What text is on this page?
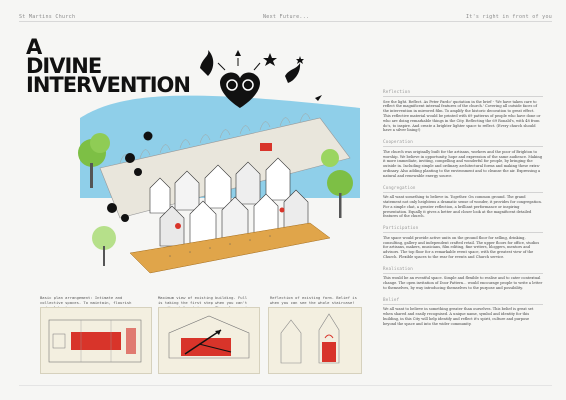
St Martins Church	Next Future...	It's right in front of you
A
DIVINE
INTERVENTION	Reflection
See the light. Reflect. As Peter Pardo' quotation in the brief - 'We have taken care to reflect the magnificent internal features of the church.' Covering all outside faces of the intervention in mirrored film. To amplify the historic decoration to great effect. This reflective material would be printed with 69 patterns of people who have done or who are doing remarkable things in the City. Reflecting the 69 Ronald's, with 48 from do's, to inspire. And create a brighter lighter space to reflect. (Every church should have a silver lining!)
Cooperation
The church was originally built for the artisans, workers and the poor of Brighton to worship. We believe in opportunity, hope and expression of the same audience. Making it more immediate, inviting, compelling and wonderful for people, by bringing the outside in. Including simple and ordinary architectural forms and making these extra-ordinary. Also adding planting to the environment and to cleanse the air. Expressing a natural and renewable energy source.
Congregation
We all want something to believe in. Together. On common ground. The grand statement not only heightens a dramatic sense of wonder, it provides for congregation. For a simple chat, a greater reflection, a brilliant performance or inspiring presentation. Equally it gives a better and closer look at the magnificent detailed features of the church.
Participation
The space would provide active units on the ground floor for selling, drinking, consulting, gallery and independent crafted retail. The upper floors for office, studios for artisans, makers, musicians, film editing, fine writers, bloggers, mentors and advisors. The top floor for a remarkable event space, with the greatest view of the Church. Flexible spaces to the rear for events and Church service.
Realisation
This would be an eventful space. Simple and flexible to realise and to cater contextual change. The open invitation of Door Pattern... would encourage people to write a letter to themselves, by way introducing themselves to the purpose and possibility.
Belief
We all want to believe in something greater than ourselves. This belief is great set when shared and easily recognised. A unique name, symbol and identity for this building, in this City will help identify and reflect it's spirit, culture and purpose beyond the space and into the wider community.
Basic plan arrangement: Intimate and collective spaces. To maintain, flourish
Maximum view of existing building. Full is taking the first step when you can't
Reflection of existing form. Belief is when you can see the whole staircase!
